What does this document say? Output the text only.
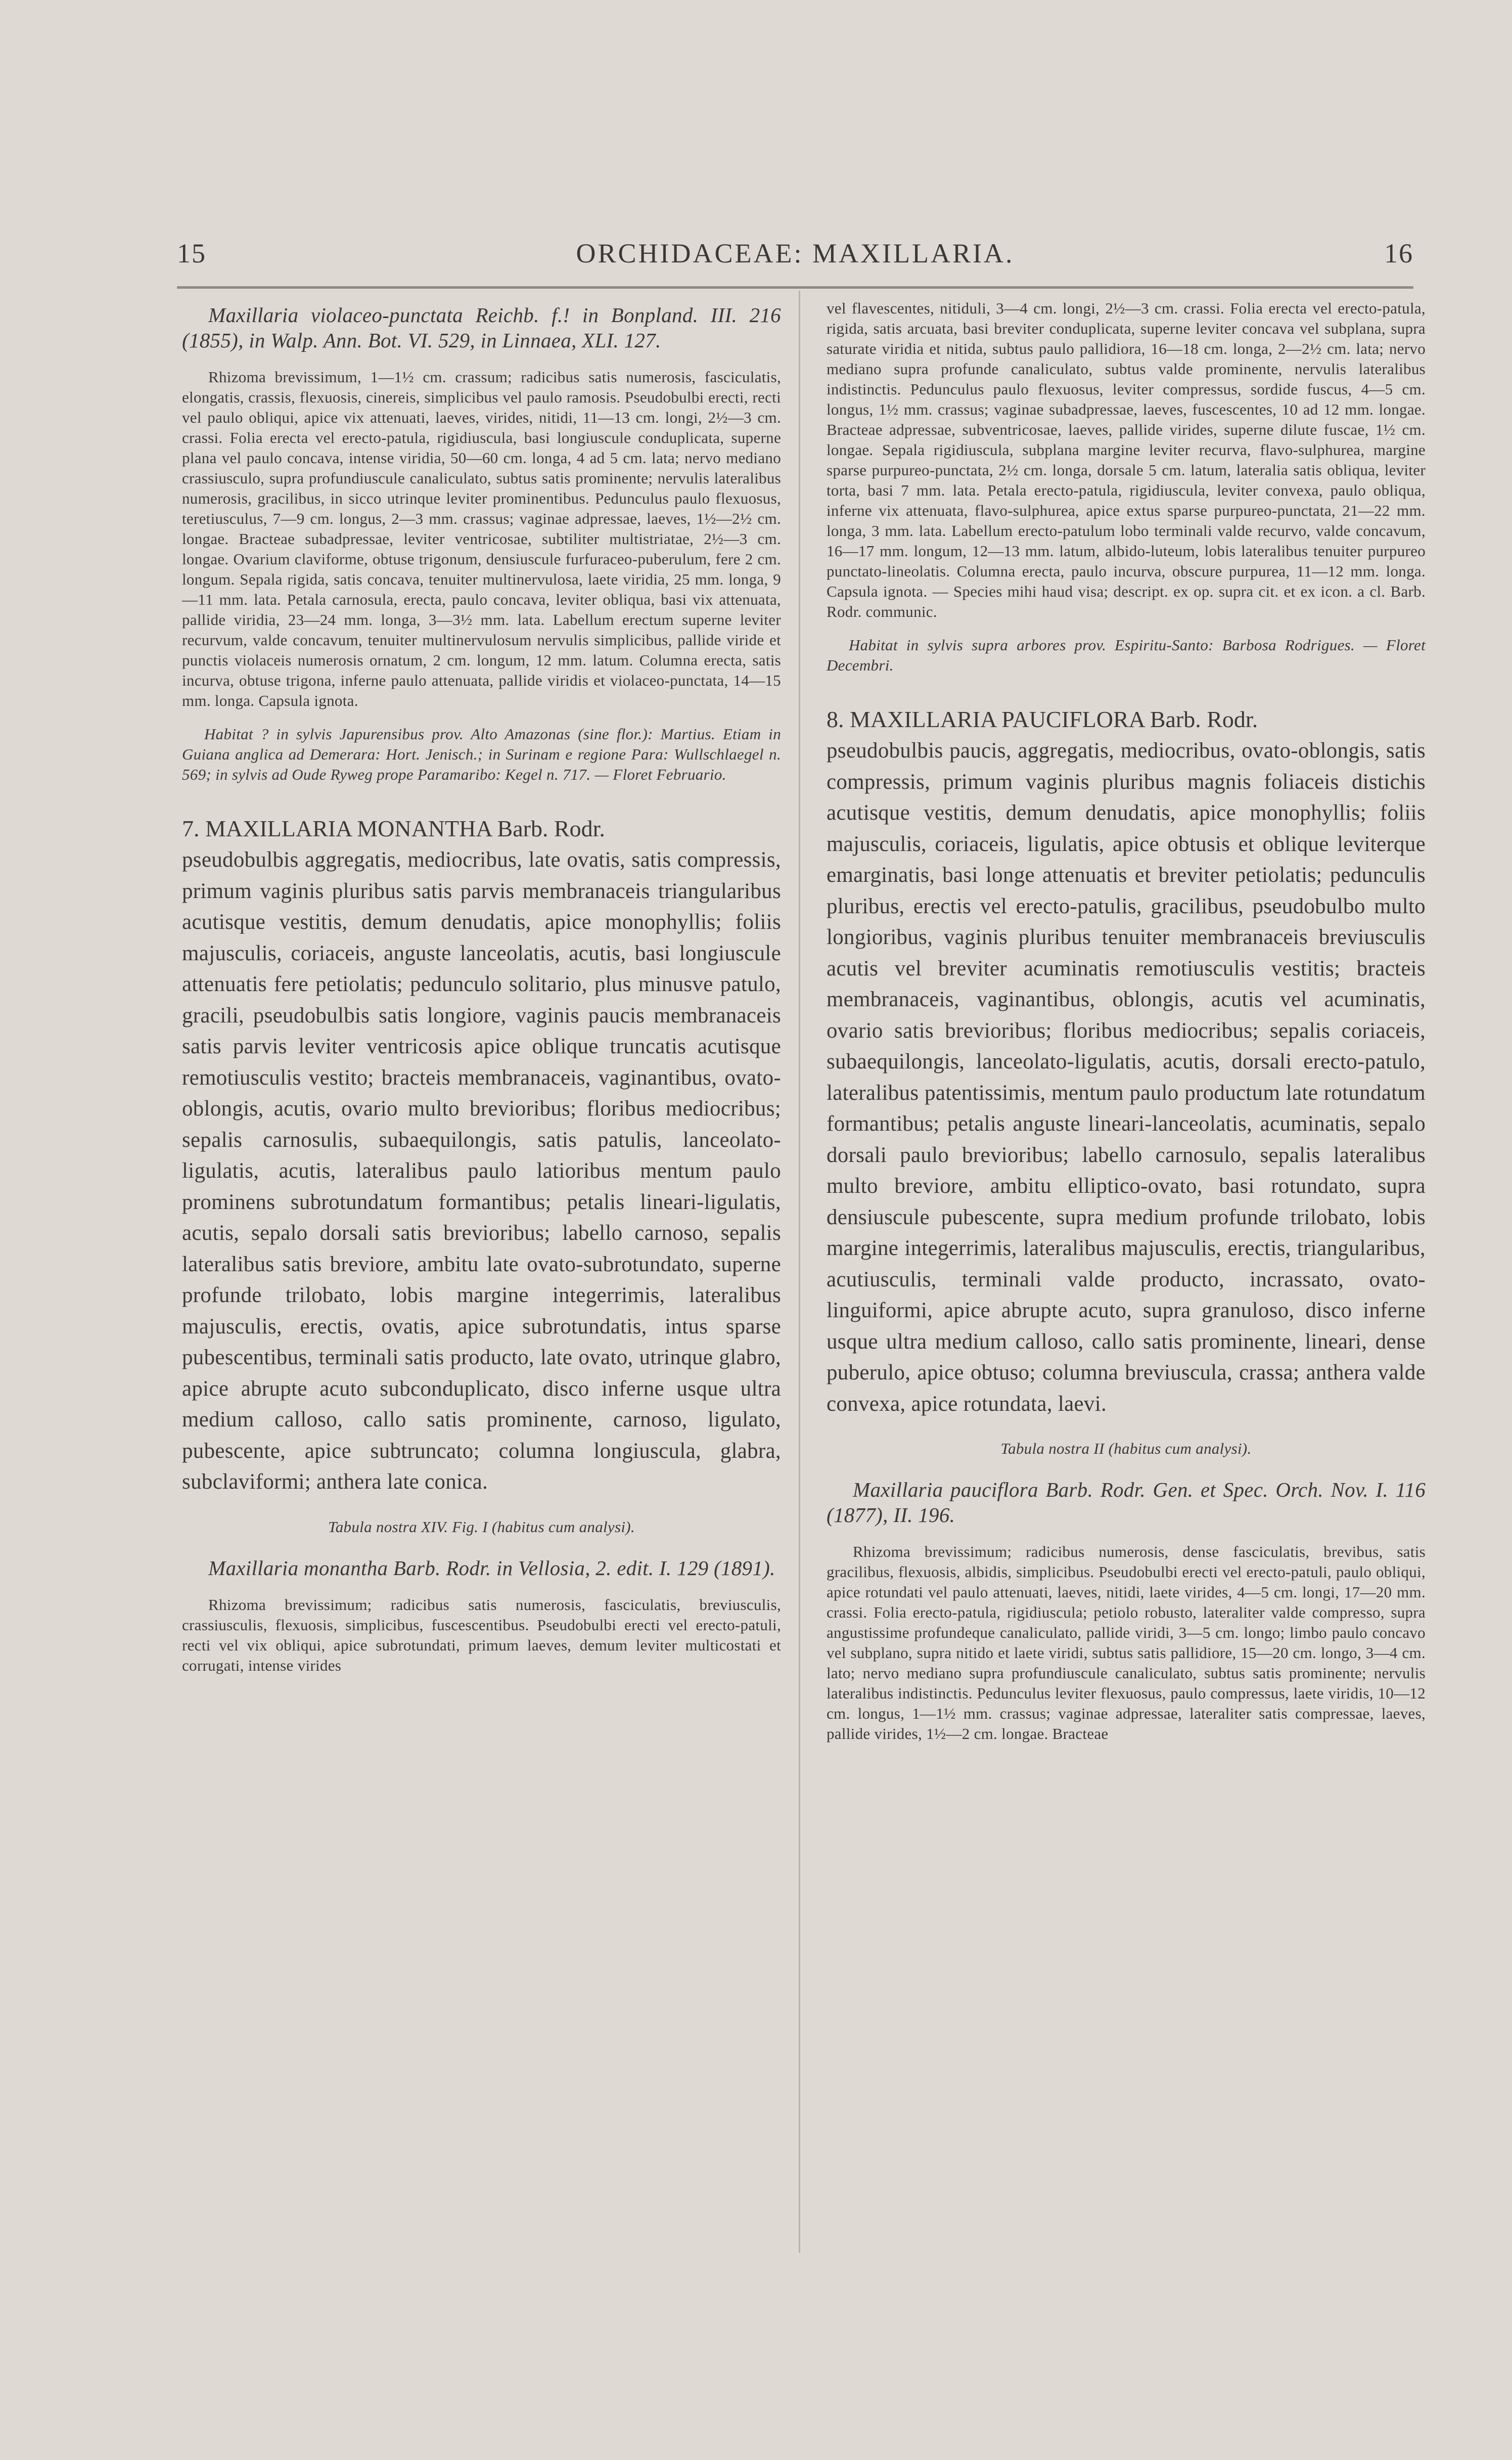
15	ORCHIDACEAE: MAXILLARIA.	16

Maxillaria violaceo-punctata Reichb. f.! in Bonpland. III. 216 (1855), in Walp. Ann. Bot. VI. 529, in Linnaea, XLI. 127.

Rhizoma brevissimum, 1—1½ cm. crassum; radicibus satis numerosis, fasciculatis, elongatis, crassis, flexuosis, cinereis, simplicibus vel paulo ramosis. Pseudobulbi erecti, recti vel paulo obliqui, apice vix attenuati, laeves, virides, nitidi, 11—13 cm. longi, 2½—3 cm. crassi. Folia erecta vel erecto-patula, rigidiuscula, basi longiuscule conduplicata, superne plana vel paulo concava, intense viridia, 50—60 cm. longa, 4 ad 5 cm. lata; nervo mediano crassiusculo, supra profundiuscule canaliculato, subtus satis prominente; nervulis lateralibus numerosis, gracilibus, in sicco utrinque leviter prominentibus. Pedunculus paulo flexuosus, teretiusculus, 7—9 cm. longus, 2—3 mm. crassus; vaginae adpressae, laeves, 1½—2½ cm. longae. Bracteae subadpressae, leviter ventricosae, subtiliter multistriatae, 2½—3 cm. longae. Ovarium claviforme, obtuse trigonum, densiuscule furfuraceo-puberulum, fere 2 cm. longum. Sepala rigida, satis concava, tenuiter multinervulosa, laete viridia, 25 mm. longa, 9—11 mm. lata. Petala carnosula, erecta, paulo concava, leviter obliqua, basi vix attenuata, pallide viridia, 23—24 mm. longa, 3—3½ mm. lata. Labellum erectum superne leviter recurvum, valde concavum, tenuiter multinervulosum nervulis simplicibus, pallide viride et punctis violaceis numerosis ornatum, 2 cm. longum, 12 mm. latum. Columna erecta, satis incurva, obtuse trigona, inferne paulo attenuata, pallide viridis et violaceo-punctata, 14—15 mm. longa. Capsula ignota.

Habitat ? in sylvis Japurensibus prov. Alto Amazonas (sine flor.): Martius. Etiam in Guiana anglica ad Demerara: Hort. Jenisch.; in Surinam e regione Para: Wullschlaegel n. 569; in sylvis ad Oude Ryweg prope Paramaribo: Kegel n. 717. — Floret Februario.

7. MAXILLARIA MONANTHA Barb. Rodr.

pseudobulbis aggregatis, mediocribus, late ovatis, satis compressis, primum vaginis pluribus satis parvis membranaceis triangularibus acutisque vestitis, demum denudatis, apice monophyllis; foliis majusculis, coriaceis, anguste lanceolatis, acutis, basi longiuscule attenuatis fere petiolatis; pedunculo solitario, plus minusve patulo, gracili, pseudobulbis satis longiore, vaginis paucis membranaceis satis parvis leviter ventricosis apice oblique truncatis acutisque remotiusculis vestito; bracteis membranaceis, vaginantibus, ovato-oblongis, acutis, ovario multo brevioribus; floribus mediocribus; sepalis carnosulis, subaequilongis, satis patulis, lanceolato-ligulatis, acutis, lateralibus paulo latioribus mentum paulo prominens subrotundatum formantibus; petalis lineari-ligulatis, acutis, sepalo dorsali satis brevioribus; labello carnoso, sepalis lateralibus satis breviore, ambitu late ovato-subrotundato, superne profunde trilobato, lobis margine integerrimis, lateralibus majusculis, erectis, ovatis, apice subrotundatis, intus sparse pubescentibus, terminali satis producto, late ovato, utrinque glabro, apice abrupte acuto subconduplicato, disco inferne usque ultra medium calloso, callo satis prominente, carnoso, ligulato, pubescente, apice subtruncato; columna longiuscula, glabra, subclaviformi; anthera late conica.

Tabula nostra XIV. Fig. I (habitus cum analysi).

Maxillaria monantha Barb. Rodr. in Vellosia, 2. edit. I. 129 (1891).

Rhizoma brevissimum; radicibus satis numerosis, fasciculatis, breviusculis, crassiusculis, flexuosis, simplicibus, fuscescentibus. Pseudobulbi erecti vel erecto-patuli, recti vel vix obliqui, apice subrotundati, primum laeves, demum leviter multicostati et corrugati, intense virides

vel flavescentes, nitiduli, 3—4 cm. longi, 2½—3 cm. crassi. Folia erecta vel erecto-patula, rigida, satis arcuata, basi breviter conduplicata, superne leviter concava vel subplana, supra saturate viridia et nitida, subtus paulo pallidiora, 16—18 cm. longa, 2—2½ cm. lata; nervo mediano supra profunde canaliculato, subtus valde prominente, nervulis lateralibus indistinctis. Pedunculus paulo flexuosus, leviter compressus, sordide fuscus, 4—5 cm. longus, 1½ mm. crassus; vaginae subadpressae, laeves, fuscescentes, 10 ad 12 mm. longae. Bracteae adpressae, subventricosae, laeves, pallide virides, superne dilute fuscae, 1½ cm. longae. Sepala rigidiuscula, subplana margine leviter recurva, flavo-sulphurea, margine sparse purpureo-punctata, 2½ cm. longa, dorsale 5 cm. latum, lateralia satis obliqua, leviter torta, basi 7 mm. lata. Petala erecto-patula, rigidiuscula, leviter convexa, paulo obliqua, inferne vix attenuata, flavo-sulphurea, apice extus sparse purpureo-punctata, 21—22 mm. longa, 3 mm. lata. Labellum erecto-patulum lobo terminali valde recurvo, valde concavum, 16—17 mm. longum, 12—13 mm. latum, albido-luteum, lobis lateralibus tenuiter purpureo punctato-lineolatis. Columna erecta, paulo incurva, obscure purpurea, 11—12 mm. longa. Capsula ignota. — Species mihi haud visa; descript. ex op. supra cit. et ex icon. a cl. Barb. Rodr. communic.

Habitat in sylvis supra arbores prov. Espiritu-Santo: Barbosa Rodrigues. — Floret Decembri.

8. MAXILLARIA PAUCIFLORA Barb. Rodr.

pseudobulbis paucis, aggregatis, mediocribus, ovato-oblongis, satis compressis, primum vaginis pluribus magnis foliaceis distichis acutisque vestitis, demum denudatis, apice monophyllis; foliis majusculis, coriaceis, ligulatis, apice obtusis et oblique leviterque emarginatis, basi longe attenuatis et breviter petiolatis; pedunculis pluribus, erectis vel erecto-patulis, gracilibus, pseudobulbo multo longioribus, vaginis pluribus tenuiter membranaceis breviusculis acutis vel breviter acuminatis remotiusculis vestitis; bracteis membranaceis, vaginantibus, oblongis, acutis vel acuminatis, ovario satis brevioribus; floribus mediocribus; sepalis coriaceis, subaequilongis, lanceolato-ligulatis, acutis, dorsali erecto-patulo, lateralibus patentissimis, mentum paulo productum late rotundatum formantibus; petalis anguste lineari-lanceolatis, acuminatis, sepalo dorsali paulo brevioribus; labello carnosulo, sepalis lateralibus multo breviore, ambitu elliptico-ovato, basi rotundato, supra densiuscule pubescente, supra medium profunde trilobato, lobis margine integerrimis, lateralibus majusculis, erectis, triangularibus, acutiusculis, terminali valde producto, incrassato, ovato-linguiformi, apice abrupte acuto, supra granuloso, disco inferne usque ultra medium calloso, callo satis prominente, lineari, dense puberulo, apice obtuso; columna breviuscula, crassa; anthera valde convexa, apice rotundata, laevi.

Tabula nostra II (habitus cum analysi).

Maxillaria pauciflora Barb. Rodr. Gen. et Spec. Orch. Nov. I. 116 (1877), II. 196.

Rhizoma brevissimum; radicibus numerosis, dense fasciculatis, brevibus, satis gracilibus, flexuosis, albidis, simplicibus. Pseudobulbi erecti vel erecto-patuli, paulo obliqui, apice rotundati vel paulo attenuati, laeves, nitidi, laete virides, 4—5 cm. longi, 17—20 mm. crassi. Folia erecto-patula, rigidiuscula; petiolo robusto, lateraliter valde compresso, supra angustissime profundeque canaliculato, pallide viridi, 3—5 cm. longo; limbo paulo concavo vel subplano, supra nitido et laete viridi, subtus satis pallidiore, 15—20 cm. longo, 3—4 cm. lato; nervo mediano supra profundiuscule canaliculato, subtus satis prominente; nervulis lateralibus indistinctis. Pedunculus leviter flexuosus, paulo compressus, laete viridis, 10—12 cm. longus, 1—1½ mm. crassus; vaginae adpressae, lateraliter satis compressae, laeves, pallide virides, 1½—2 cm. longae. Bracteae
